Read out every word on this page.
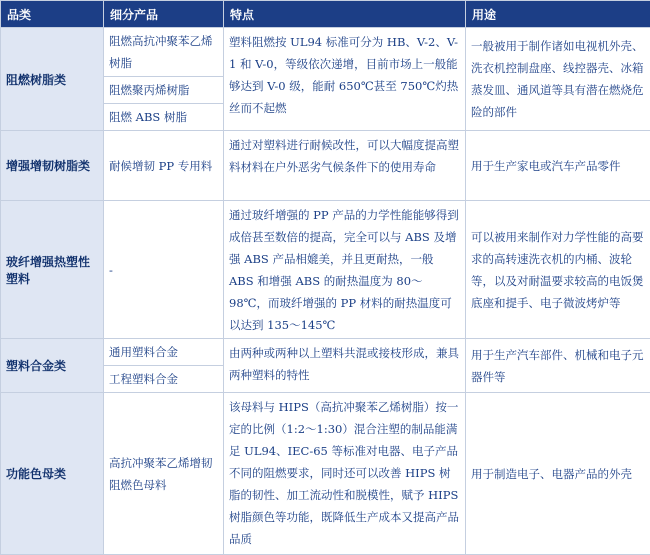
品类	细分产品	特点	用途
阻燃树脂类	阻燃高抗冲聚苯乙烯树脂	塑料阻燃按 UL94 标准可分为 HB、V-2、V-1 和 V-0，等级依次递增，目前市场上一般能够达到 V-0 级，能耐 650℃甚至 750℃灼热丝而不起燃	一般被用于制作诸如电视机外壳、洗衣机控制盘座、线控器壳、冰箱蒸发皿、通风道等具有潜在燃烧危险的部件
	阻燃聚丙烯树脂		
	阻燃 ABS 树脂		
增强增韧树脂类	耐候增韧 PP 专用料	通过对塑料进行耐候改性，可以大幅度提高塑料材料在户外恶劣气候条件下的使用寿命	用于生产家电或汽车产品零件
玻纤增强热塑性塑料	-	通过玻纤增强的 PP 产品的力学性能能够得到成倍甚至数倍的提高，完全可以与 ABS 及增强 ABS 产品相媲美，并且更耐热，一般 ABS 和增强 ABS 的耐热温度为 80～98℃，而玻纤增强的 PP 材料的耐热温度可以达到 135～145℃	可以被用来制作对力学性能的高要求的高转速洗衣机的内桶、波轮等，以及对耐温要求较高的电饭煲底座和提手、电子微波烤炉等
塑料合金类	通用塑料合金	由两种或两种以上塑料共混或接枝形成，兼具两种塑料的特性	用于生产汽车部件、机械和电子元器件等
	工程塑料合金		
功能色母类	高抗冲聚苯乙烯增韧阻燃色母料	该母料与 HIPS（高抗冲聚苯乙烯树脂）按一定的比例（1:2～1:30）混合注塑的制品能满足 UL94、IEC-65 等标准对电器、电子产品不同的阻燃要求，同时还可以改善 HIPS 树脂的韧性、加工流动性和脱模性，赋予 HIPS 树脂颜色等功能，既降低生产成本又提高产品品质	用于制造电子、电器产品的外壳
